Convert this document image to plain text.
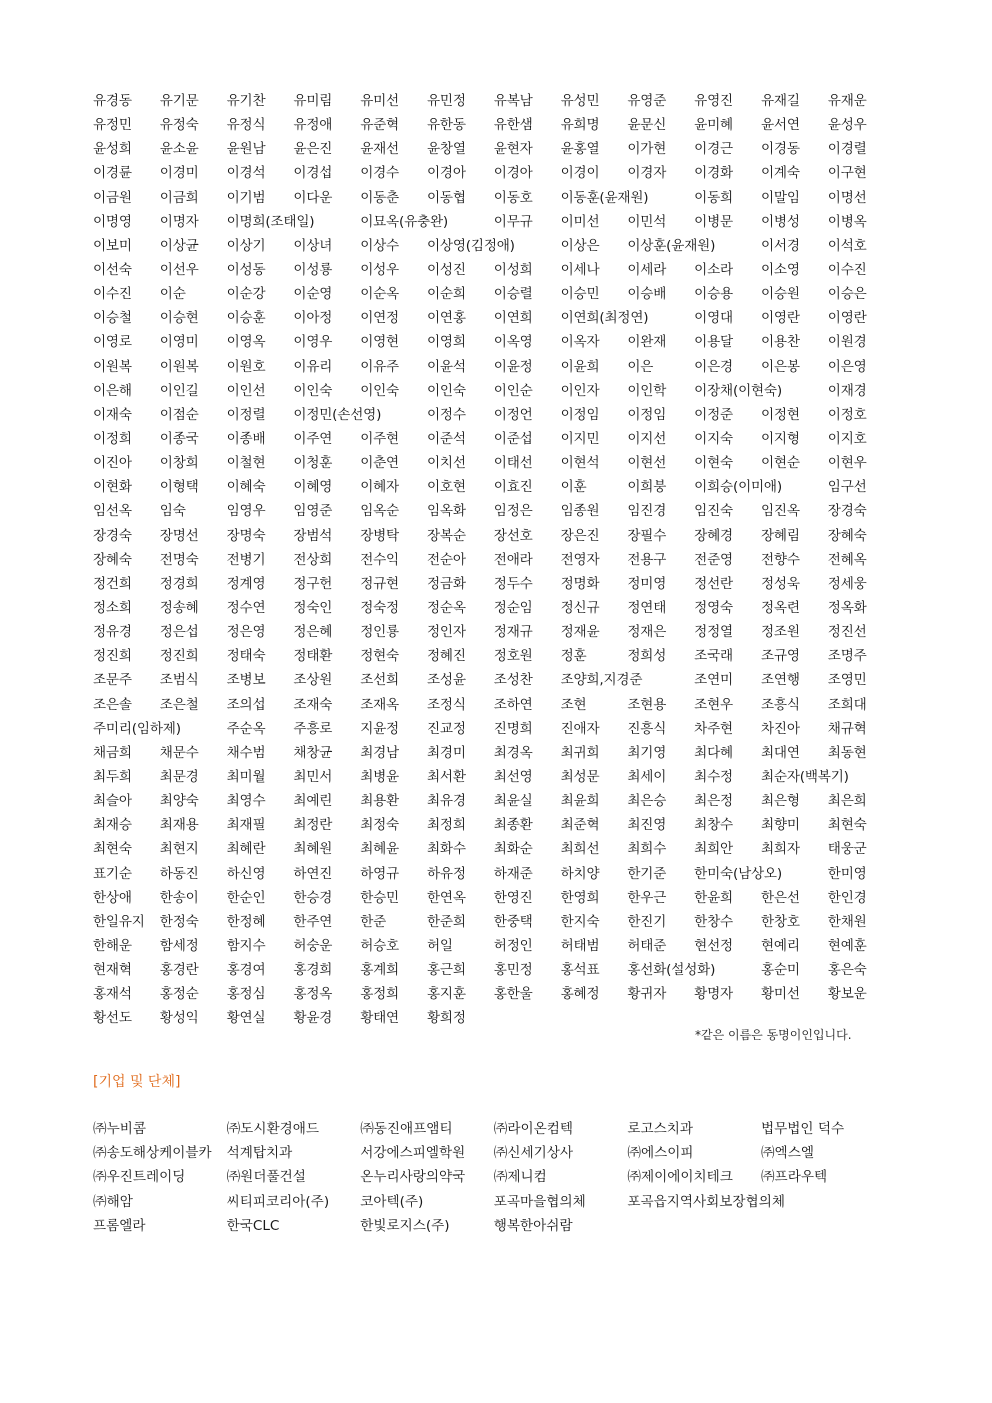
유경동	유기문	유기찬	유미림	유미선	유민정	유복남	유성민	유영준	유영진	유재길	유재운
유정민	유정숙	유정식	유정애	유준혁	유한동	유한샘	유희명	윤문신	윤미혜	윤서연	윤성우
윤성희	윤소윤	윤원남	윤은진	윤재선	윤창열	윤현자	윤홍열	이가현	이경근	이경동	이경렬
이경륜	이경미	이경석	이경섭	이경수	이경아	이경아	이경이	이경자	이경화	이계숙	이구현
이금원	이금희	이기범	이다운	이동춘	이동협	이동호	이동훈(윤재원)	이동희	이말임	이명선
이명영	이명자	이명희(조태일)	이묘옥(유충완)	이무규	이미선	이민석	이병문	이병성	이병옥
이보미	이상균	이상기	이상녀	이상수	이상영(김정애)	이상은	이상훈(윤재원)	이서경	이석호
이선숙	이선우	이성동	이성룡	이성우	이성진	이성희	이세나	이세라	이소라	이소영	이수진
이수진	이순	이순강	이순영	이순옥	이순희	이승렬	이승민	이승배	이승용	이승원	이승은
이승철	이승현	이승훈	이아정	이연정	이연홍	이연희	이연희(최정연)	이영대	이영란	이영란
이영로	이영미	이영옥	이영우	이영현	이영희	이옥영	이옥자	이완재	이용달	이용찬	이원경
이원복	이원복	이원호	이유리	이유주	이윤석	이윤정	이윤희	이은	이은경	이은봉	이은영
이은해	이인길	이인선	이인숙	이인숙	이인숙	이인순	이인자	이인학	이장채(이현숙)	이재경
이재숙	이점순	이정렬	이정민(손선영)	이정수	이정언	이정임	이정임	이정준	이정현	이정호
이정희	이종국	이종배	이주연	이주현	이준석	이준섭	이지민	이지선	이지숙	이지형	이지호
이진아	이창희	이철현	이청훈	이춘연	이치선	이태선	이현석	이현선	이현숙	이현순	이현우
이현화	이형택	이혜숙	이혜영	이혜자	이호현	이효진	이훈	이희붕	이희승(이미애)	임구선
임선옥	임숙	임영우	임영준	임옥순	임옥화	임정은	임종원	임진경	임진숙	임진옥	장경숙
장경숙	장명선	장명숙	장범석	장병탁	장복순	장선호	장은진	장필수	장혜경	장혜림	장혜숙
장혜숙	전명숙	전병기	전상희	전수익	전순아	전애라	전영자	전용구	전준영	전향수	전혜옥
정건희	정경희	정계영	정구헌	정규현	정금화	정두수	정명화	정미영	정선란	정성욱	정세웅
정소희	정송혜	정수연	정숙인	정숙정	정순옥	정순임	정신규	정연태	정영숙	정옥련	정옥화
정유경	정은섭	정은영	정은혜	정인룡	정인자	정재규	정재윤	정재은	정정열	정조원	정진선
정진희	정진희	정태숙	정태환	정현숙	정혜진	정호원	정훈	정희성	조국래	조규영	조명주
조문주	조범식	조병보	조상원	조선희	조성윤	조성찬	조양희,지경준	조연미	조연행	조영민
조은솔	조은철	조의섭	조재숙	조재옥	조정식	조하연	조현	조현용	조현우	조흥식	조희대
주미리(임하제)	주순옥	주흥로	지윤정	진교정	진명희	진애자	진흥식	차주현	차진아	채규혁
채금희	채문수	채수범	채창균	최경남	최경미	최경옥	최귀희	최기영	최다혜	최대연	최동현
최두희	최문경	최미월	최민서	최병윤	최서환	최선영	최성문	최세이	최수정	최순자(백복기)
최슬아	최양숙	최영수	최예린	최용환	최유경	최윤실	최윤희	최은승	최은정	최은형	최은희
최재승	최재용	최재필	최정란	최정숙	최정희	최종환	최준혁	최진영	최창수	최향미	최현숙
최현숙	최현지	최혜란	최혜원	최혜윤	최화수	최화순	최희선	최희수	최희안	최희자	태웅군
표기순	하동진	하신영	하연진	하영규	하유정	하재준	하치양	한기준	한미숙(남상오)	한미영
한상애	한송이	한순인	한승경	한승민	한연옥	한영진	한영희	한우근	한윤희	한은선	한인경
한일유지	한정숙	한정혜	한주연	한준	한준희	한중택	한지숙	한진기	한창수	한창호	한채원
한해운	함세정	함지수	허숭운	허승호	허일	허정인	허태범	허태준	현선정	현예리	현예훈
현재혁	홍경란	홍경여	홍경희	홍계희	홍근희	홍민정	홍석표	홍선화(설성화)	홍순미	홍은숙
홍재석	홍정순	홍정심	홍정옥	홍정희	홍지훈	홍한울	홍혜정	황귀자	황명자	황미선	황보운
황선도	황성익	황연실	황윤경	황태연	황희정
*같은 이름은 동명이인입니다.
[기업 및 단체]
㈜누비콤	㈜도시환경애드	㈜동진애프앰티	㈜라이온컴텍	로고스치과	법무법인 덕수
㈜송도해상케이블카	석계탑치과	서강에스피엘학원	㈜신세기상사	㈜에스이피	㈜엑스엘
㈜우진트레이딩	㈜원더풀건설	온누리사랑의약국	㈜제니컴	㈜제이에이치테크	㈜프라우텍
㈜해암	씨티피코리아(주)	코아텍(주)	포곡마을협의체	포곡읍지역사회보장협의체
프롬엘라	한국CLC	한빛로지스(주)	행복한아쉬람
